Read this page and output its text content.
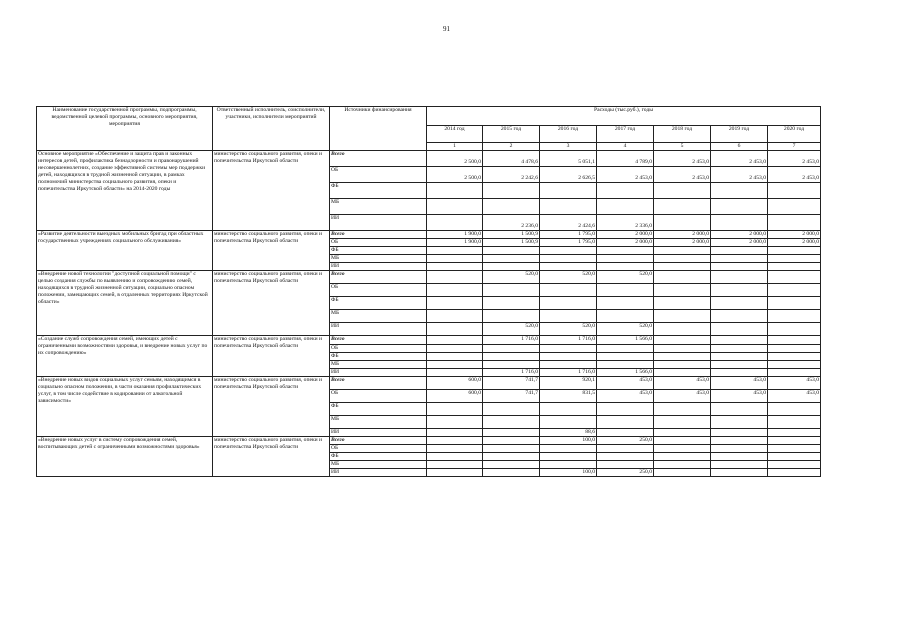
91
Наименование государственной программы, подпрограммы, ведомственной целевой программы, основного мероприятия, мероприятия	Ответственный исполнитель, соисполнители, участники, исполнители мероприятий	Источники финансирования	Расходы (тыс.руб.), годы							
			2014 год	2015 год	2016 год	2017 год	2018 год	2019 год	2020 год	
			1	2	3	4	5	6	7			
Основное мероприятие «Обеспечение и защита прав и законных интересов детей, профилактика безнадзорности и правонарушений несовершеннолетних, создание эффективной системы мер поддержки детей, находящихся в трудной жизненной ситуации, в рамках полномочий министерства социального развития, опеки и попечительства Иркутской области» на 2014-2020 годы	министерство социального развития, опеки и попечительства Иркутской области	Всего	2 500,0	4 478,6	5 051,1	4 789,0	2 453,0	2 453,0	2 453,0	
		ОБ	2 500,0	2 242,6	2 626,5	2 453,0	2 453,0	2 453,0	2 453,0	
		ФБ								
		МБ								
		ИИ		2 236,0	2 424,6	2 336,0				
«Развитие деятельности выездных мобильных бригад при областных государственных учреждениях социального обслуживания»	министерство социального развития, опеки и попечительства Иркутской области	Всего	1 900,0	1 500,9	1 795,0	2 000,0	2 000,0	2 000,0	2 000,0	
		ОБ	1 900,0	1 500,9	1 795,0	2 000,0	2 000,0	2 000,0	2 000,0	
		ФБ								
		МБ								
		ИИ								
«Внедрение новой технологии "доступной социальной помощи" с целью создания службы по выявлению и сопровождению семей, находящихся в трудной жизненной ситуации, социально опасном положении, замещающих семей, в отдаленных территориях Иркутской области»	министерство социального развития, опеки и попечительства Иркутской области	Всего		520,0	520,0	520,0				
		ОБ								
		ФБ								
		МБ								
		ИИ		520,0	520,0	520,0				
«Создание служб сопровождения семей, имеющих детей с ограниченными возможностями здоровья, и внедрение новых услуг по их сопровождению»	министерство социального развития, опеки и попечительства Иркутской области	Всего		1 716,0	1 716,0	1 566,0				
		ОБ								
		ФБ								
		МБ								
		ИИ		1 716,0	1 716,0	1 566,0				
«Внедрение новых видов социальных услуг семьям, находящимся в социально опасном положении, в части оказания профилактических услуг, в том числе содействие в кодировании от алкогольной зависимости»	министерство социального развития, опеки и попечительства Иркутской области	Всего	600,0	741,7	920,1	453,0	453,0	453,0	453,0	
		ОБ	600,0	741,7	831,5	453,0	453,0	453,0	453,0	
		ФБ								
		МБ								
		ИИ			88,6					
«Внедрение новых услуг в систему сопровождения семей, воспитывающих детей с ограниченными возможностями здоровья»	министерство социального развития, опеки и попечительства Иркутской области	Всего			100,0	250,0				
		ОБ								
		ФБ								
		МБ								
		ИИ			100,0	250,0				
